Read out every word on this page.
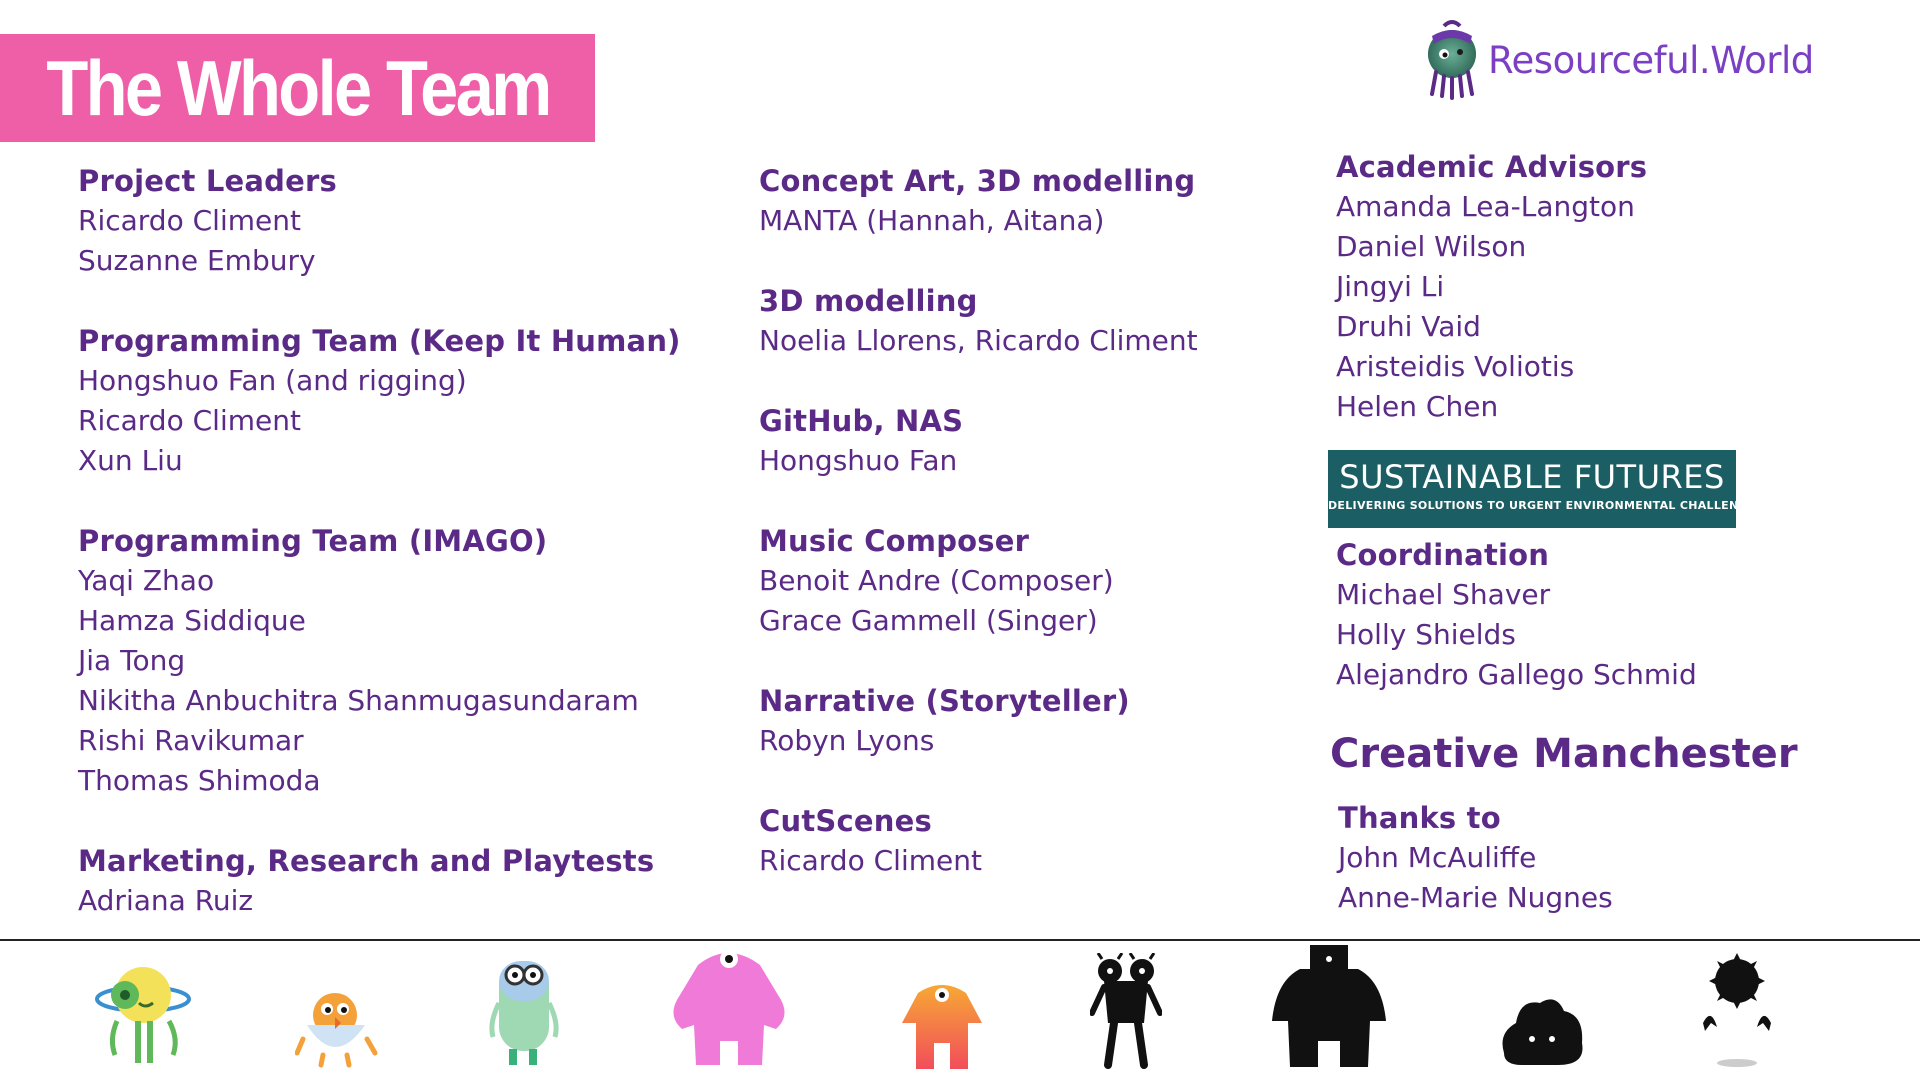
The Whole Team	Resourceful.World
Project Leaders
Ricardo Climent
Suzanne Embury
Programming Team (Keep It Human)
Hongshuo Fan (and rigging)
Ricardo Climent
Xun Liu
Programming Team (IMAGO)
Yaqi Zhao
Hamza Siddique
Jia Tong
Nikitha Anbuchitra Shanmugasundaram
Rishi Ravikumar
Thomas Shimoda
Marketing, Research and Playtests
Adriana Ruiz
Concept Art, 3D modelling
MANTA (Hannah, Aitana)
3D modelling
Noelia Llorens, Ricardo Climent
GitHub, NAS
Hongshuo Fan
Music Composer
Benoit Andre (Composer)
Grace Gammell (Singer)
Narrative (Storyteller)
Robyn Lyons
CutScenes
Ricardo Climent
Academic Advisors
Amanda Lea-Langton
Daniel Wilson
Jingyi Li
Druhi Vaid
Aristeidis Voliotis
Helen Chen
SUSTAINABLE FUTURES
DELIVERING SOLUTIONS TO URGENT ENVIRONMENTAL CHALLENGES
Coordination
Michael Shaver
Holly Shields
Alejandro Gallego Schmid
Creative Manchester
Thanks to
John McAuliffe
Anne-Marie Nugnes
